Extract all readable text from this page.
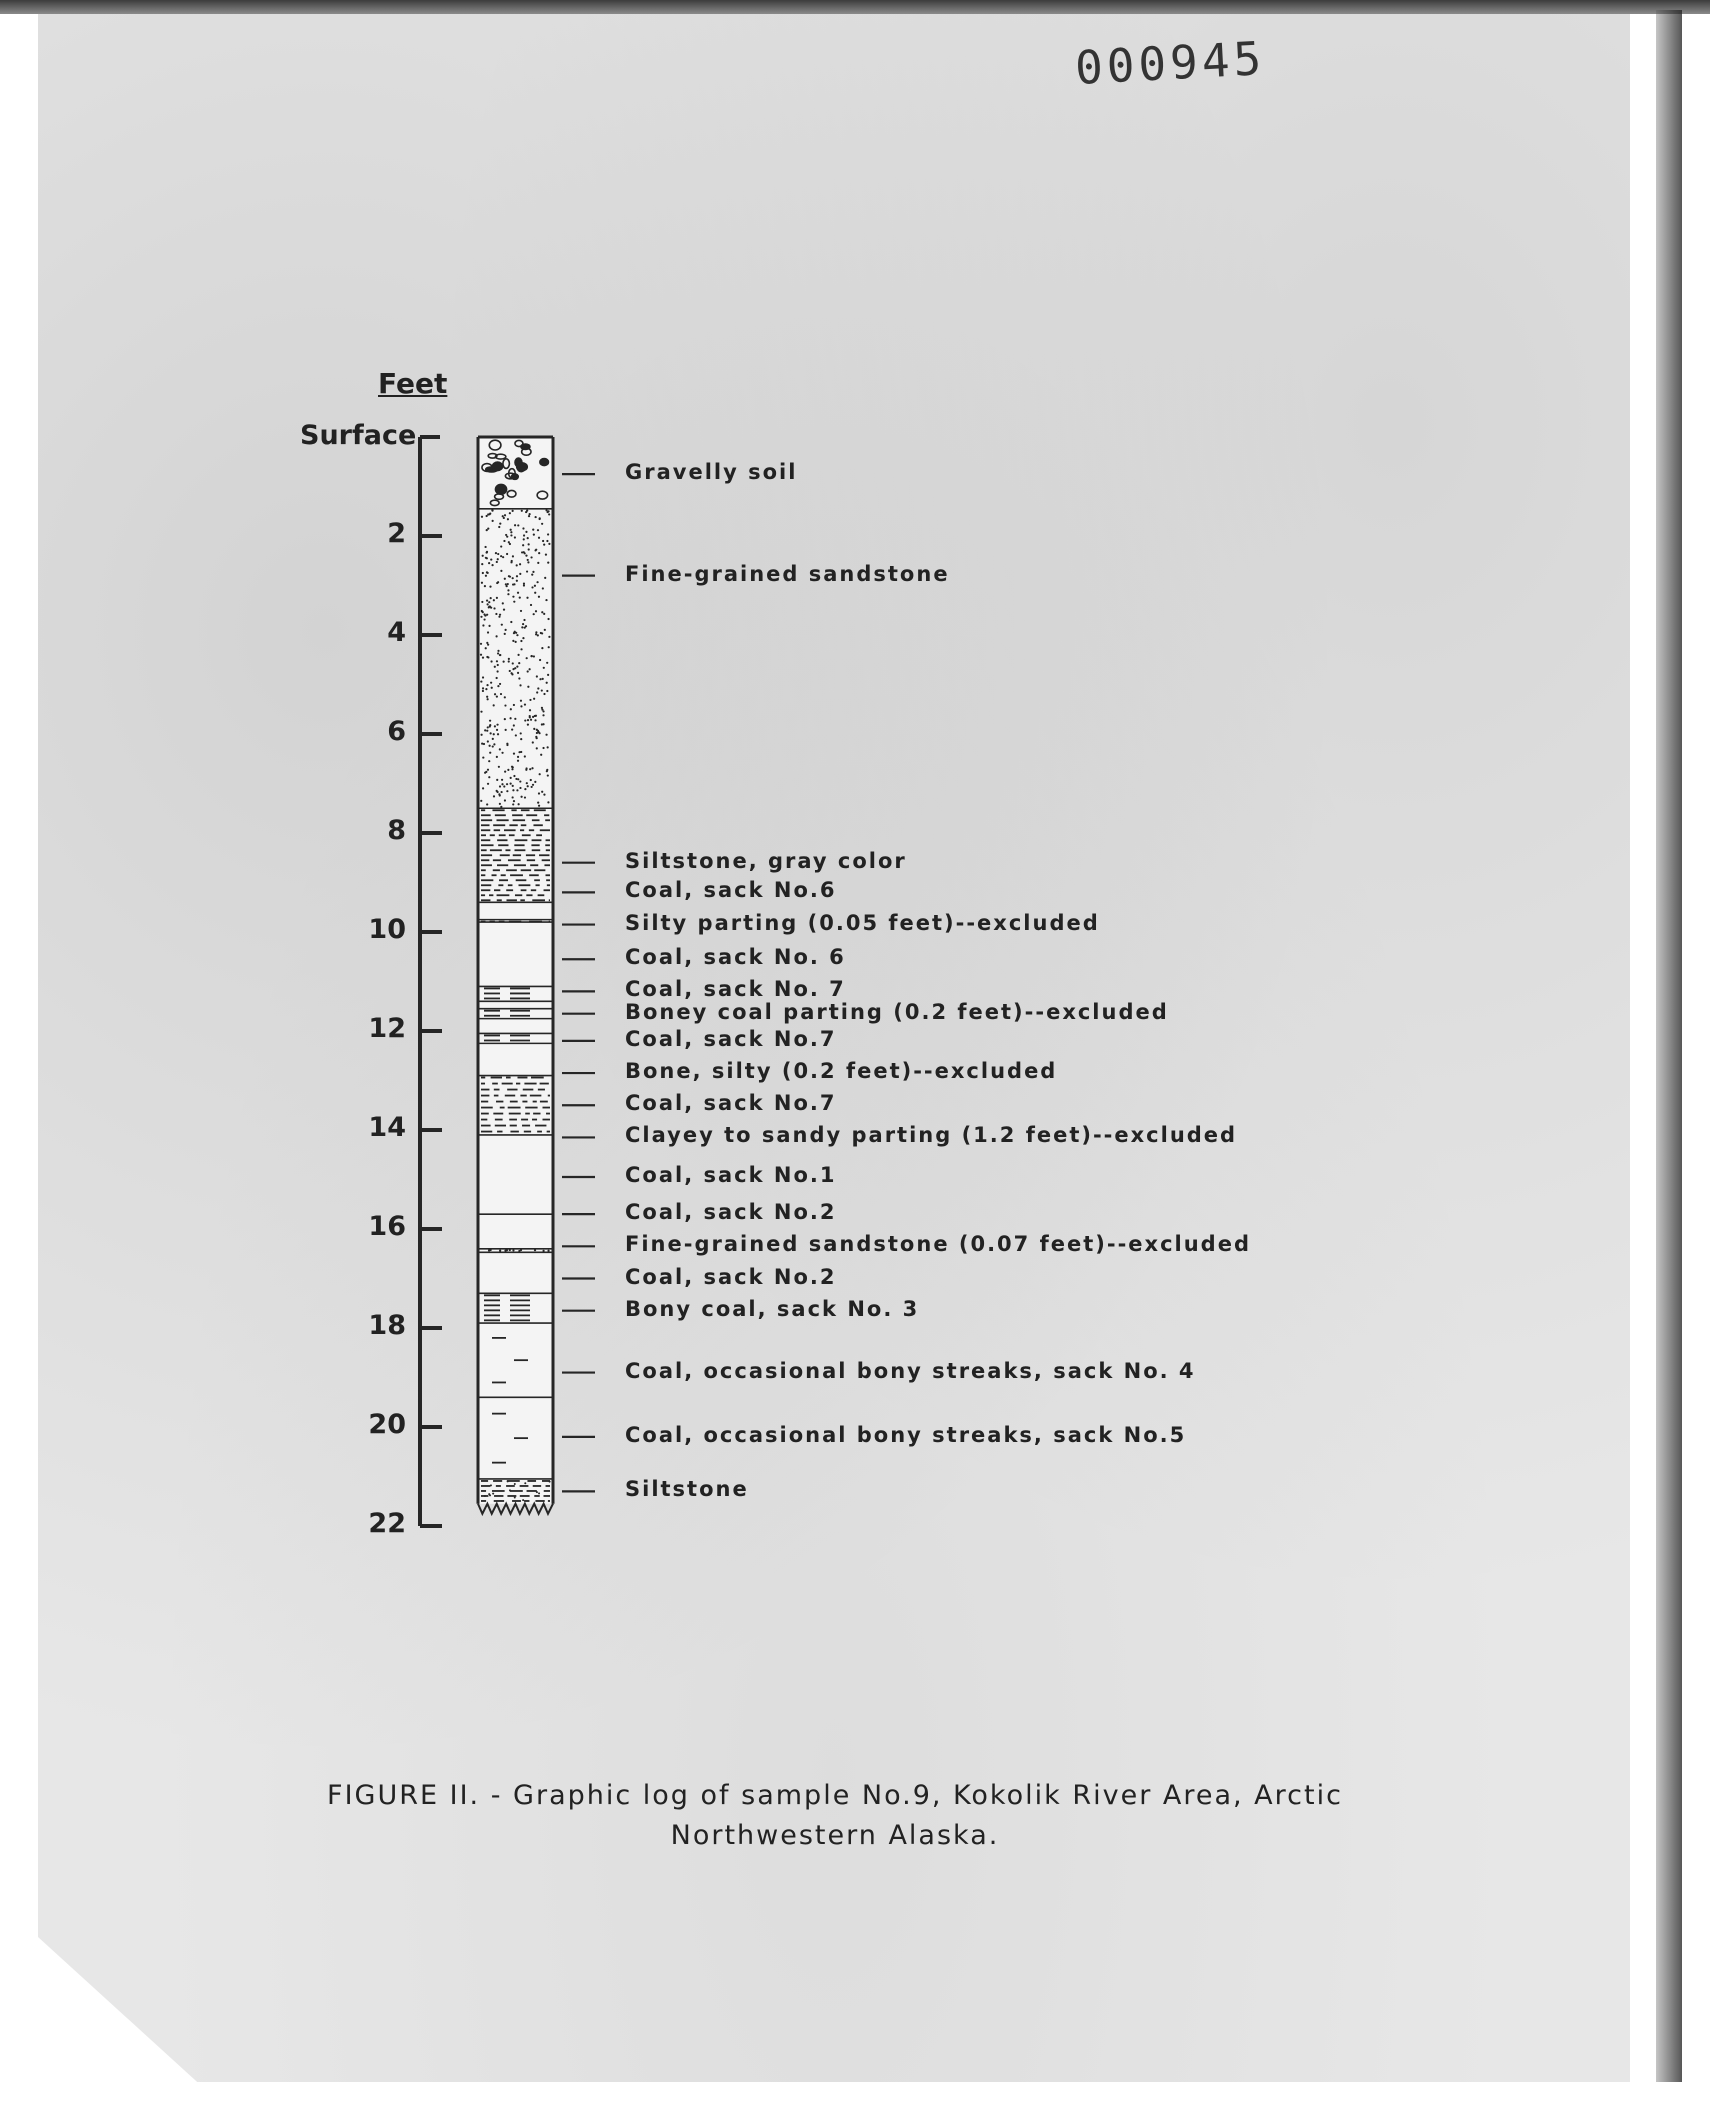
000945
Feet
Surface
2
4
6
8
10
12
14
16
18
20
22
Gravelly soil
Fine-grained sandstone
Siltstone, gray color
Coal, sack No.6
Silty parting (0.05 feet)--excluded
Coal, sack No. 6
Coal, sack No. 7
Boney coal parting (0.2 feet)--excluded
Coal, sack No.7
Bone, silty (0.2 feet)--excluded
Coal, sack No.7
Clayey to sandy parting (1.2 feet)--excluded
Coal, sack No.1
Coal, sack No.2
Fine-grained sandstone (0.07 feet)--excluded
Coal, sack No.2
Bony coal, sack No. 3
Coal, occasional bony streaks, sack No. 4
Coal, occasional bony streaks, sack No.5
Siltstone
FIGURE II. - Graphic log of sample No.9, Kokolik River Area, Arctic
Northwestern Alaska.
